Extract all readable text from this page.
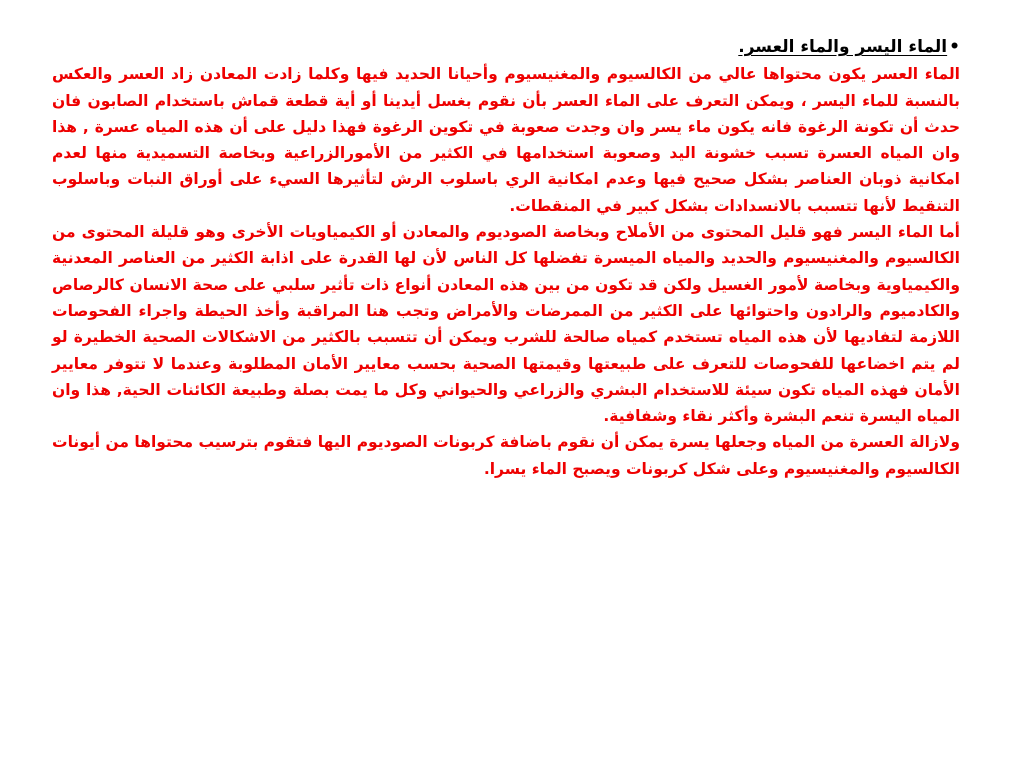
•الماء اليسر والماء العسر.

الماء العسر يكون محتواها عالي من الكالسيوم والمغنيسيوم وأحيانا الحديد فيها وكلما زادت المعادن زاد العسر والعكس بالنسبة للماء اليسر ، ويمكن التعرف على الماء العسر بأن نقوم بغسل أيدينا أو أية قطعة قماش باستخدام الصابون فان حدث أن تكونة الرغوة فانه يكون ماء يسر وان وجدت صعوبة في تكوين الرغوة فهذا دليل على أن هذه المياه عسرة , هذا وان المياه العسرة تسبب خشونة اليد وصعوبة استخدامها في الكثير من الأمورالزراعية وبخاصة التسميدية منها لعدم امكانية ذوبان العناصر بشكل صحيح فيها وعدم امكانية الري باسلوب الرش لتأثيرها السيء على أوراق النبات وباسلوب التنقيط لأنها تتسبب بالانسدادات بشكل كبير في المنقطات.

أما الماء اليسر فهو قليل المحتوى من الأملاح وبخاصة الصوديوم والمعادن أو الكيمياويات الأخرى وهو قليلة المحتوى من الكالسيوم والمغنيسيوم والحديد والمياه الميسرة تفضلها كل الناس لأن لها القدرة على اذابة الكثير من العناصر المعدنية والكيمياوية وبخاصة لأمور الغسيل ولكن قد تكون من بين هذه المعادن أنواع ذات تأثير سلبي على صحة الانسان كالرصاص والكادميوم والرادون واحتوائها على الكثير من الممرضات والأمراض وتجب هنا المراقبة وأخذ الحيطة واجراء الفحوصات اللازمة لتفاديها لأن هذه المياه تستخدم كمياه صالحة للشرب ويمكن أن تتسبب بالكثير من الاشكالات الصحية الخطيرة لو لم يتم اخضاعها للفحوصات للتعرف على طبيعتها وقيمتها الصحية بحسب معايير الأمان المطلوبة وعندما لا تتوفر معايير الأمان فهذه المياه تكون سيئة للاستخدام البشري والزراعي والحيواني وكل ما يمت بصلة وطبيعة الكائنات الحية, هذا وان المياه اليسرة تنعم البشرة وأكثر نقاء وشفافية.

ولازالة العسرة من المياه وجعلها يسرة يمكن أن نقوم باضافة كربونات الصوديوم اليها فتقوم بترسيب محتواها من أيونات الكالسيوم والمغنيسيوم وعلى شكل كربونات ويصبح الماء يسرا.
